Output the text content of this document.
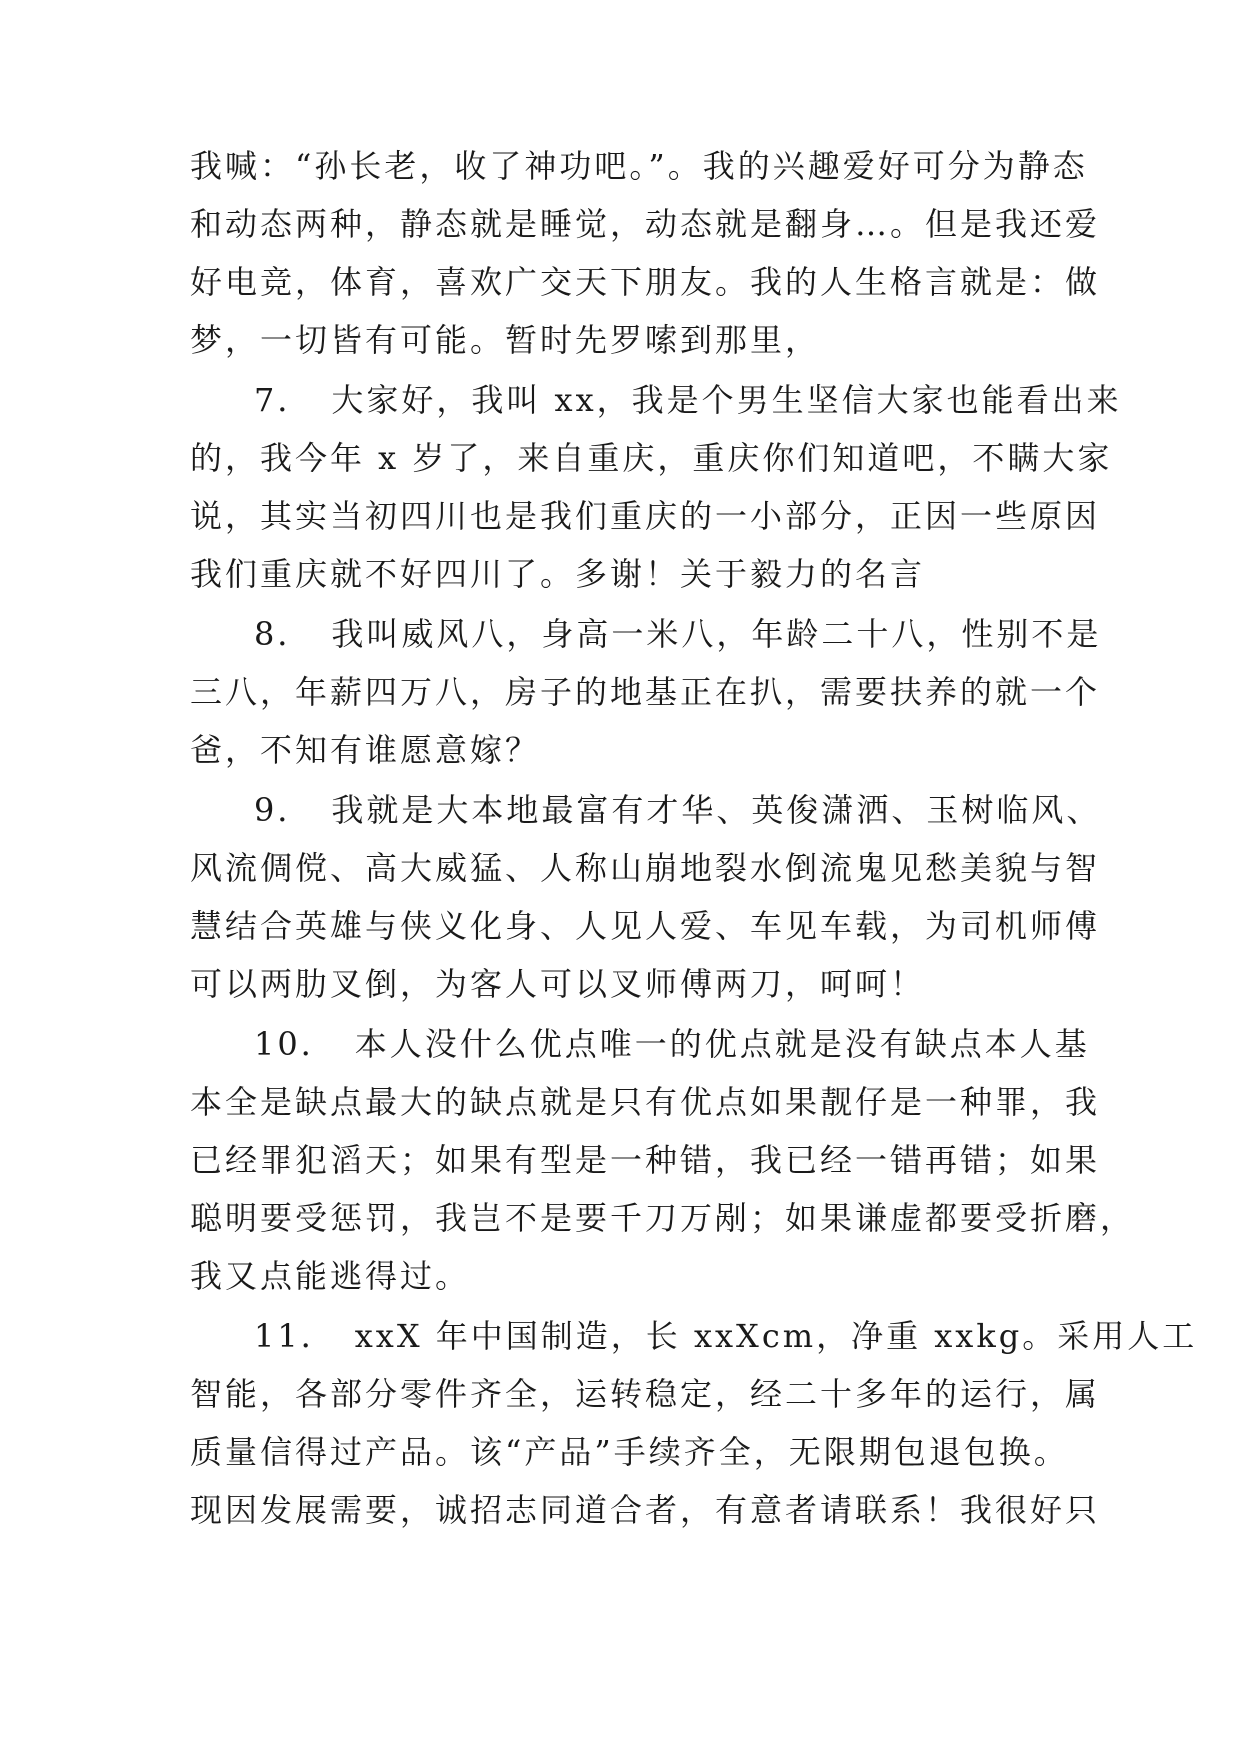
我喊：“孙长老，收了神功吧。”。我的兴趣爱好可分为静态
和动态两种，静态就是睡觉，动态就是翻身…。但是我还爱
好电竞，体育，喜欢广交天下朋友。我的人生格言就是：做
梦，一切皆有可能。暂时先罗嗦到那里，
7．　大家好，我叫 xx，我是个男生坚信大家也能看出来
的，我今年 x 岁了，来自重庆，重庆你们知道吧，不瞒大家
说，其实当初四川也是我们重庆的一小部分，正因一些原因
我们重庆就不好四川了。多谢！关于毅力的名言
8．　我叫威风八，身高一米八，年龄二十八，性别不是
三八，年薪四万八，房子的地基正在扒，需要扶养的就一个
爸，不知有谁愿意嫁？
9．　我就是大本地最富有才华、英俊潇洒、玉树临风、
风流倜傥、高大威猛、人称山崩地裂水倒流鬼见愁美貌与智
慧结合英雄与侠义化身、人见人爱、车见车载，为司机师傅
可以两肋叉倒，为客人可以叉师傅两刀，呵呵！
10．　本人没什么优点唯一的优点就是没有缺点本人基
本全是缺点最大的缺点就是只有优点如果靓仔是一种罪，我
已经罪犯滔天；如果有型是一种错，我已经一错再错；如果
聪明要受惩罚，我岂不是要千刀万剐；如果谦虚都要受折磨，
我又点能逃得过。
11．　xxX 年中国制造，长 xxXcm，净重 xxkg。采用人工
智能，各部分零件齐全，运转稳定，经二十多年的运行，属
质量信得过产品。该“产品”手续齐全，无限期包退包换。
现因发展需要，诚招志同道合者，有意者请联系！我很好只
